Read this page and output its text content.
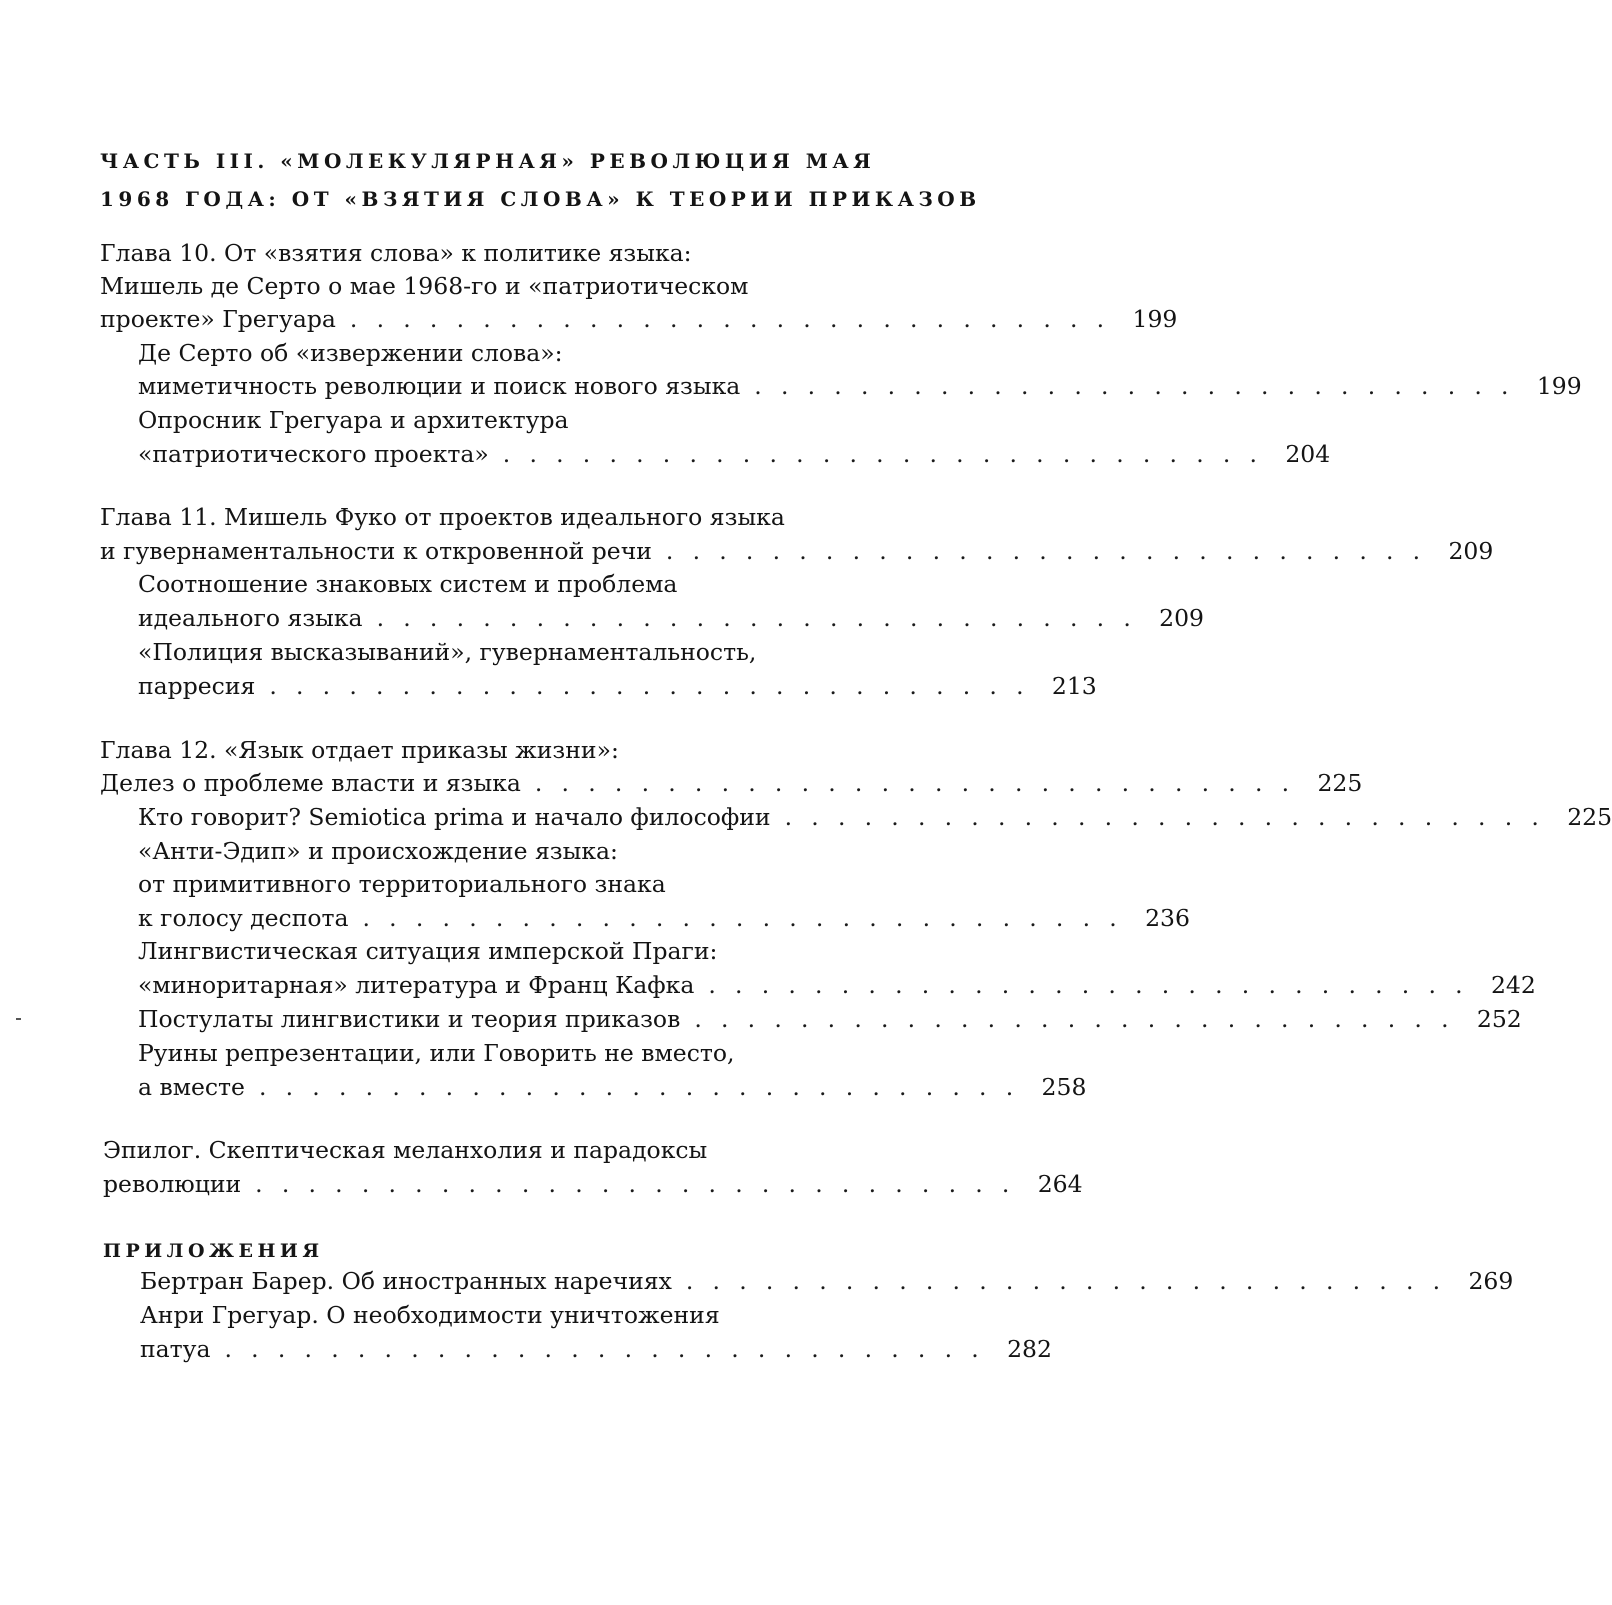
ЧАСТЬ III. «МОЛЕКУЛЯРНАЯ» РЕВОЛЮЦИЯ МАЯ
1968 ГОДА: ОТ «ВЗЯТИЯ СЛОВА» К ТЕОРИИ ПРИКАЗОВ
Глава 10. От «взятия слова» к политике языка:
Мишель де Серто о мае 1968-го и «патриотическом
проекте» Грегуара ............................. 199
Де Серто об «извержении слова»:
миметичность революции и поиск нового языка ............................. 199
Опросник Грегуара и архитектура
«патриотического проекта» ............................. 204
Глава 11. Мишель Фуко от проектов идеального языка
и гувернаментальности к откровенной речи ............................. 209
Соотношение знаковых систем и проблема
идеального языка ............................. 209
«Полиция высказываний», гувернаментальность,
парресия ............................. 213
Глава 12. «Язык отдает приказы жизни»:
Делез о проблеме власти и языка ............................. 225
Кто говорит? Semiotica prima и начало философии ............................. 225
«Анти-Эдип» и происхождение языка:
от примитивного территориального знака
к голосу деспота ............................. 236
Лингвистическая ситуация имперской Праги:
«миноритарная» литература и Франц Кафка ............................. 242
Постулаты лингвистики и теория приказов ............................. 252
Руины репрезентации, или Говорить не вместо,
а вместе ............................. 258
Эпилог. Скептическая меланхолия и парадоксы
революции ............................. 264
ПРИЛОЖЕНИЯ
Бертран Барер. Об иностранных наречиях ............................. 269
Анри Грегуар. О необходимости уничтожения
патуа ............................. 282
